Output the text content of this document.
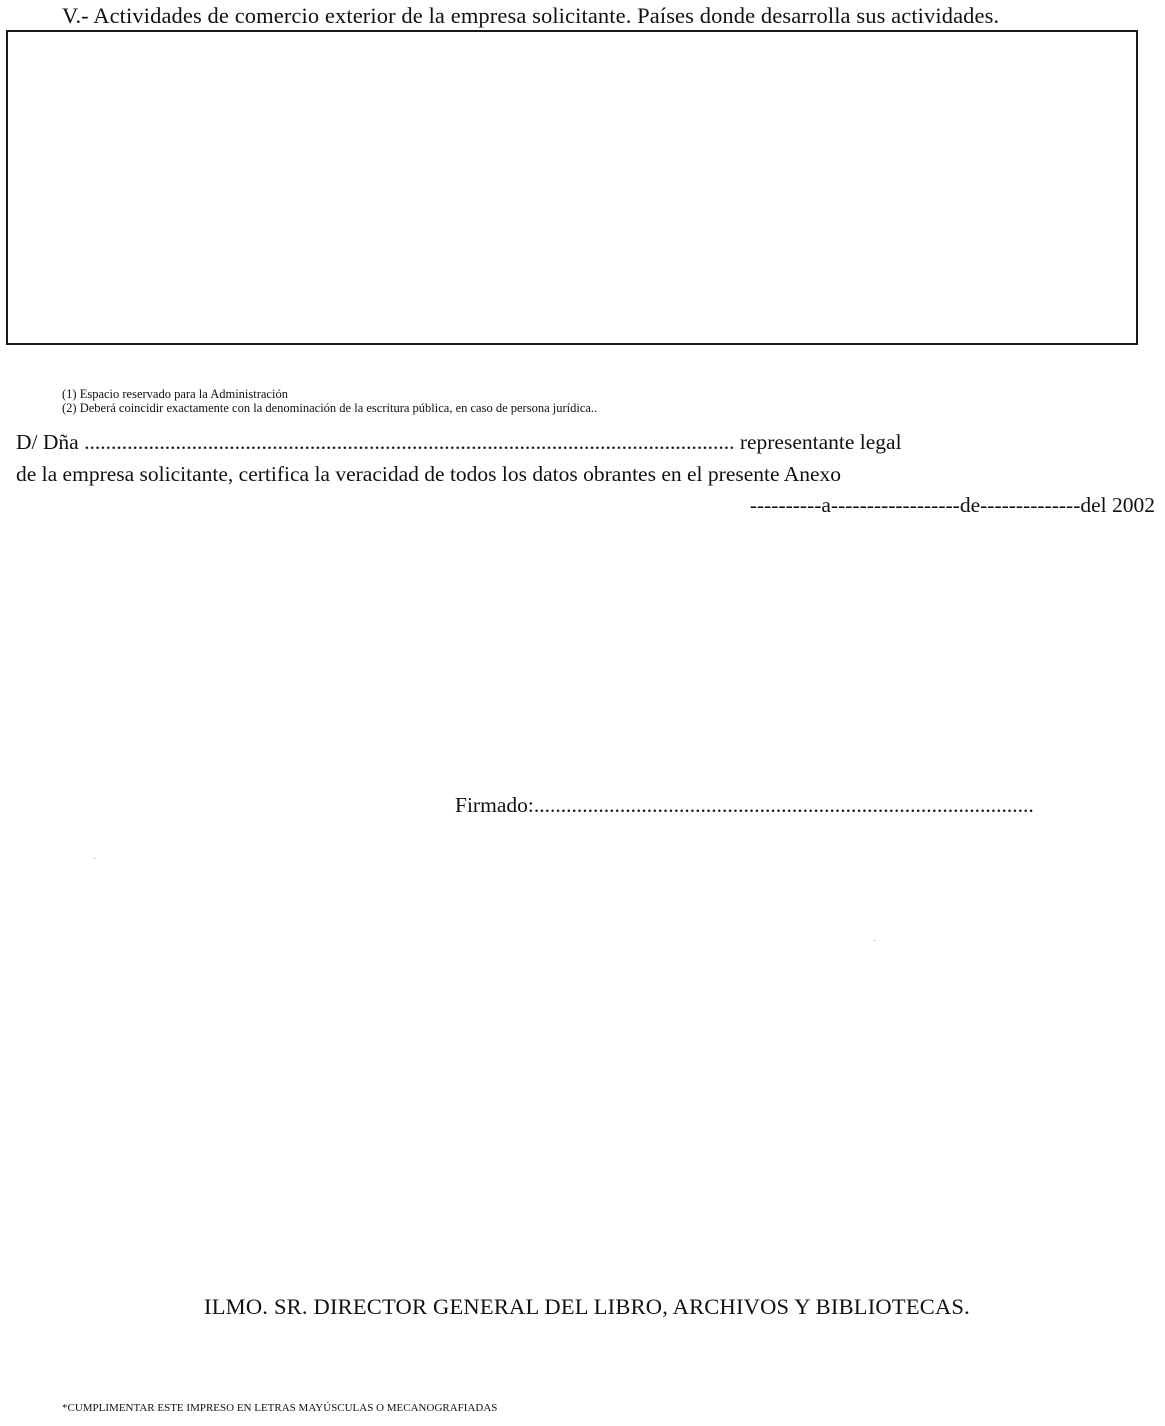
V.- Actividades de comercio exterior de la empresa solicitante. Países donde desarrolla sus actividades.
(1) Espacio reservado para la Administración
(2) Deberá coincidir exactamente con la denominación de la escritura pública, en caso de persona jurídica..
D/ Dña ......................................................................................................................... representante legal
de la empresa solicitante, certifica la veracidad de todos los datos obrantes en el presente Anexo
----------a------------------de--------------del 2002
Firmado:.............................................................................................
ILMO. SR. DIRECTOR GENERAL DEL LIBRO, ARCHIVOS Y BIBLIOTECAS.
*CUMPLIMENTAR ESTE IMPRESO EN LETRAS MAYÚSCULAS O MECANOGRAFIADAS
